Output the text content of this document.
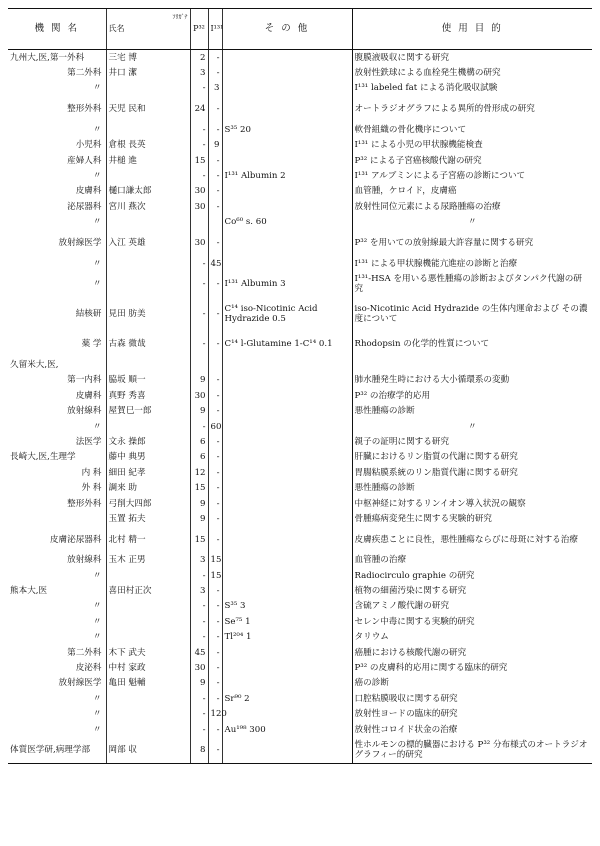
機 関 名	ﾌﾘｶﾞﾅ
氏名	P³²	I¹³¹	そ の 他	使 用 目 的
九州大,医,第一外科	三宅 博	2	-		腹膜液吸収に関する研究
第二外科	井口 潔	3	-		放射性鉄球による血栓発生機構の研究
〃		-	3		I¹³¹ labeled fat による消化吸収試験
整形外科	天児 民和	24	-		オートラジオグラフによる異所的骨形成の研究
〃		-	-	S³⁵ 20	軟骨組織の骨化機序について
小児科	倉根 長英	-	9		I¹³¹ による小児の甲状腺機能検査
産婦人科	井槌 進	15	-		P³² による子宮癌核酸代謝の研究
〃		-	-	I¹³¹ Albumin 2	I¹³¹ アルブミンによる子宮癌の診断について
皮膚科	樋口謙太郎	30	-		血管腫，ケロイド，皮膚癌
泌尿器科	宮川 燕次	30	-		放射性同位元素による尿路腫瘍の治療
〃				Co⁶⁰ s. 60	〃
放射線医学	入江 英雄	30	-		P³² を用いての放射線最大許容量に関する研究
〃		-	45		I¹³¹ による甲状腺機能亢進症の診断と治療
〃		-	-	I¹³¹ Albumin 3	I¹³¹-HSA を用いる悪性腫瘍の診断およびタンパク代謝の研究
結核研	見田 肪美	-	-	C¹⁴ iso-Nicotinic Acid Hydrazide 0.5	iso-Nicotinic Acid Hydrazide の生体内運命および その濃度について
薬 学	古森 微哉	-	-	C¹⁴ l-Glutamine 1-C¹⁴ 0.1	Rhodopsin の化学的性質について
久留米大,医,					
第一内科	脇坂 順一	9	-		肺水腫発生時における大小循環系の変動
皮膚科	真野 秀喜	30	-		P³² の治療学的応用
放射線科	屋賀巳一郎	9	-		悪性腫瘍の診断
〃		-	60		〃
法医学	文永 操郎	6	-		親子の証明に関する研究
長崎大,医,生理学	藤中 典男	6	-		肝臓におけるリン脂質の代謝に関する研究
内 科	細田 紀孝	12	-		胃腸粘膜系統のリン脂質代謝に関する研究
外 科	調来 助	15	-		悪性腫瘍の診断
整形外科	弓削大四郎	9	-		中枢神経に対するリンイオン導入状況の観察
	玉置 拓夫	9	-		骨腫瘍病変発生に関する実験的研究
皮膚泌尿器科	北村 精一	15	-		皮膚疾患ことに良性，悪性腫瘍ならびに母斑に対する治療
放射線科	玉木 正男	3	15		血管腫の治療
〃		-	15		Radiocirculo graphie の研究
熊本大,医	喜田村正次	3	-		植物の細菌汚染に関する研究
〃		-	-	S³⁵ 3	含硫アミノ酸代謝の研究
〃		-	-	Se⁷⁵ 1	セレン中毒に関する実験的研究
〃		-	-	Tl²⁰⁴ 1	タリウム
第二外科	木下 武夫	45	-		癌腫における核酸代謝の研究
皮泌科	中村 家政	30	-		P³² の皮膚科的応用に関する臨床的研究
放射線医学	亀田 魁輔	9	-		癌の診断
〃		-	-	Sr⁹⁰ 2	口腔粘膜吸収に関する研究
〃		-	120		放射性ヨードの臨床的研究
〃		-	-	Au¹⁹⁸ 300	放射性コロイド状金の治療
体質医学研,病理学部	岡部 収	8	-		性ホルモンの標的臓器における P³² 分布様式のオートラジオグラフィー的研究
